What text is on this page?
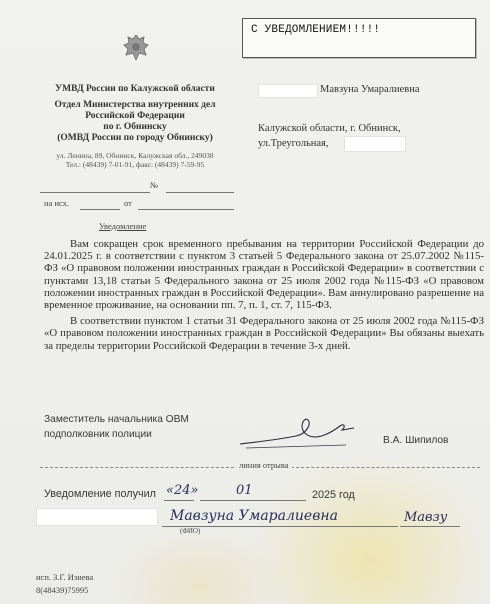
С УВЕДОМЛЕНИЕМ!!!!!
УМВД России по Калужской области
Отдел Министерства внутренних дел
Российской Федерации
по г. Обнинску
(ОМВД России по городу Обнинску)
ул. Ленина, 89, Обнинск, Калужская обл., 249038
Тел.: (48439) 7-01-91, факс: (48439) 7-59-95
№
на исх.	от
Уведомление
Мавзуна Умаралиевна
Калужской области, г. Обнинск,
ул.Треугольная,

Вам сокращен срок временного пребывания на территории Российской Федерации до 24.01.2025 г. в соответствии с пунктом 3 статьей 5 Федерального закона от 25.07.2002 №115-ФЗ «О правовом положении иностранных граждан в Российской Федерации» в соответствии с пунктами 13,18 статьи 5 Федерального закона от 25 июля 2002 года №115-ФЗ «О правовом положении иностранных граждан в Российской Федерации». Вам аннулировано разрешение на временное проживание, на основании пп. 7, п. 1, ст. 7, 115-ФЗ.

В соответствии пунктом 1 статьи 31 Федерального закона от 25 июля 2002 года №115-ФЗ «О правовом положении иностранных граждан в Российской Федерации» Вы обязаны выехать за пределы территории Российской Федерации в течение 3-х дней.

Заместитель начальника ОВМ
подполковник полиции
В.А. Шипилов
линия отрыва
Уведомление получил «24»	01	2025 год
Мавзуна Умаралиевна	Мавзу
(ФИО)
исп. З.Г. Изиева
8(48439)75995
